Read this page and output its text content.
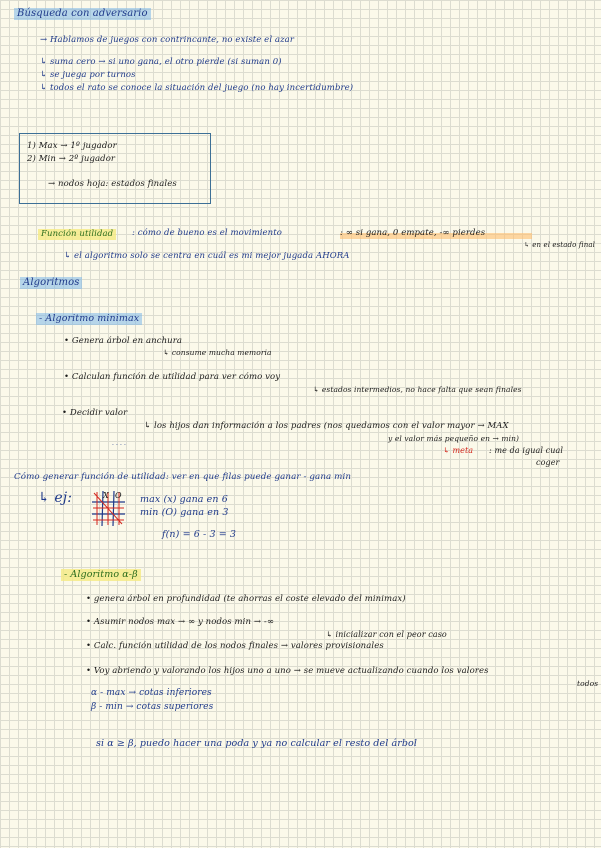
Búsqueda con adversario
→ Hablamos de juegos con contrincante, no existe el azar
↳ suma cero → si uno gana, el otro pierde (si suman 0)
↳ se juega por turnos
↳ todos el rato se conoce la situación del juego (no hay incertidumbre)
1) Max → 1º jugador
2) Min → 2º jugador
→ nodos hoja: estados finales
Función utilidad	: cómo de bueno es el movimiento	: ∞ si gana, 0 empate, -∞ pierdes
↳ en el estado final
↳ el algoritmo solo se centra en cuál es mi mejor jugada AHORA
Algoritmos
- Algoritmo minimax
• Genera árbol en anchura
↳ consume mucha memoria
• Calculan función de utilidad para ver cómo voy
↳ estados intermedios, no hace falta que sean finales
• Decidir valor
↳ los hijos dan información a los padres (nos quedamos con el valor mayor → MAX
y el valor más pequeño en → min)
· · · ·
↳ meta : me da igual cual
coger
Cómo generar función de utilidad: ver en que filas puede ganar - gana min
↳ ej:	X O max (x) gana en 6
min (O) gana en 3
f(n) = 6 - 3 = 3
- Algoritmo α-β
• genera árbol en profundidad (te ahorras el coste elevado del minimax)
• Asumir nodos max → ∞ y nodos min → -∞
↳ inicializar con el peor caso
• Calc. función utilidad de los nodos finales → valores provisionales
• Voy abriendo y valorando los hijos uno a uno → se mueve actualizando cuando los valores
todos
α - max → cotas inferiores
β - min → cotas superiores
si α ≥ β, puedo hacer una poda y ya no calcular el resto del árbol
